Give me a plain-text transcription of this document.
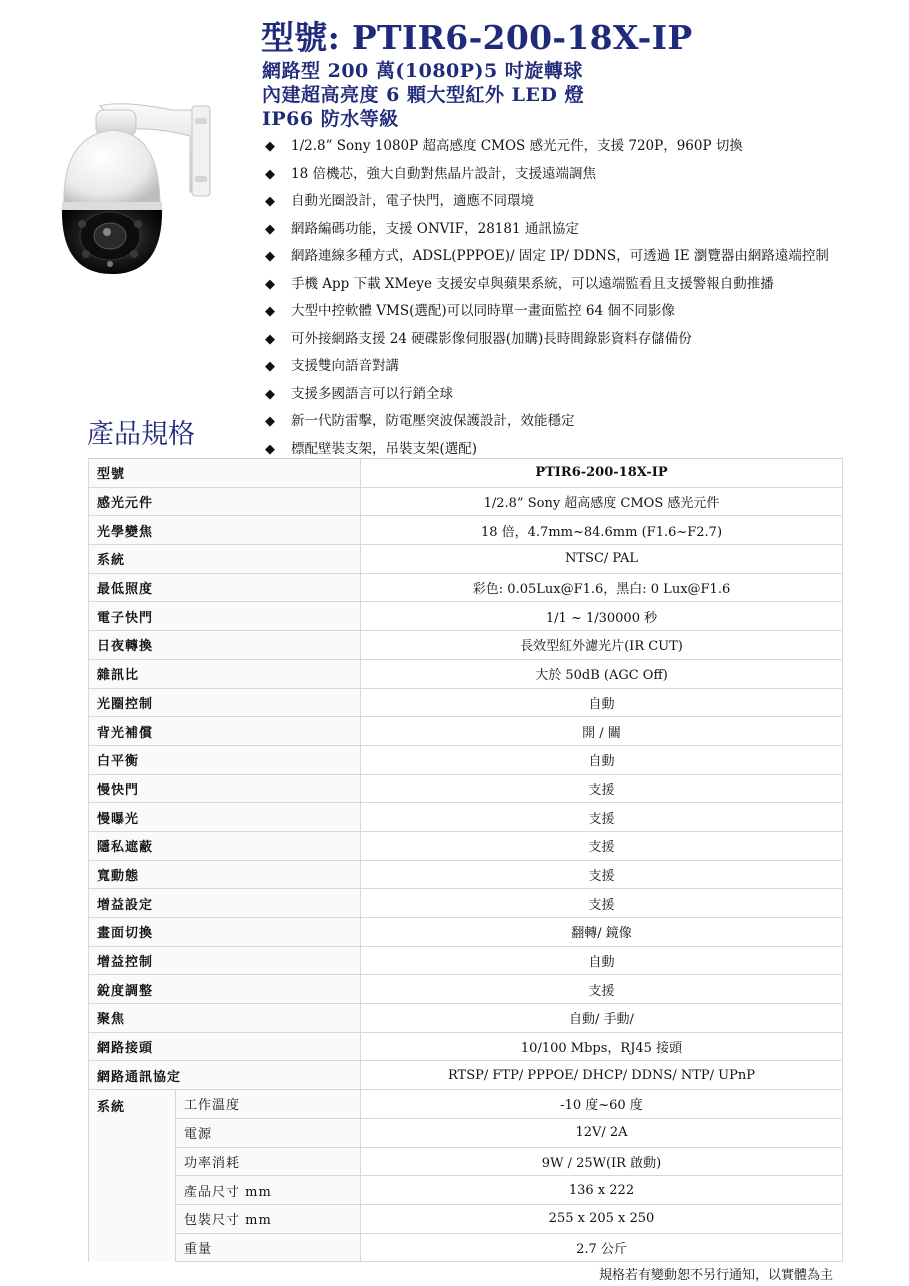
型號: PTIR6-200-18X-IP
網路型 200 萬(1080P)5 吋旋轉球
內建超高亮度 6 顆大型紅外 LED 燈
IP66 防水等級
◆ 1/2.8” Sony 1080P 超高感度 CMOS 感光元件，支援 720P，960P 切換
◆ 18 倍機芯，強大自動對焦晶片設計，支援遠端調焦
◆ 自動光圈設計，電子快門，適應不同環境
◆ 網路編碼功能，支援 ONVIF，28181 通訊協定
◆ 網路連線多種方式，ADSL(PPPOE)/ 固定 IP/ DDNS，可透過 IE 瀏覽器由網路遠端控制
◆ 手機 App 下載 XMeye 支援安卓與蘋果系統，可以遠端監看且支援警報自動推播
◆ 大型中控軟體 VMS(選配)可以同時單一畫面監控 64 個不同影像
◆ 可外接網路支援 24 硬碟影像伺服器(加購)長時間錄影資料存儲備份
◆ 支援雙向語音對講
◆ 支援多國語言可以行銷全球
◆ 新一代防雷擊，防電壓突波保護設計，效能穩定
◆ 標配壁裝支架，吊裝支架(選配)
產品規格
型號		PTIR6-200-18X-IP
感光元件		1/2.8” Sony 超高感度 CMOS 感光元件
光學變焦		18 倍，4.7mm~84.6mm (F1.6~F2.7)
系統		NTSC/ PAL
最低照度		彩色: 0.05Lux@F1.6，黑白: 0 Lux@F1.6
電子快門		1/1 ~ 1/30000 秒
日夜轉換		長效型紅外濾光片(IR CUT)
雜訊比		大於 50dB (AGC Off)
光圈控制		自動
背光補償		開 / 關
白平衡		自動
慢快門		支援
慢曝光		支援
隱私遮蔽		支援
寬動態		支援
增益設定		支援
畫面切換		翻轉/ 鏡像
增益控制		自動
銳度調整		支援
聚焦		自動/ 手動/
網路接頭		10/100 Mbps，RJ45 接頭
網路通訊協定		RTSP/ FTP/ PPPOE/ DHCP/ DDNS/ NTP/ UPnP
系統	工作溫度	-10 度~60 度
	電源	12V/ 2A
	功率消耗	9W / 25W(IR 啟動)
	產品尺寸 mm	136 x 222
	包裝尺寸 mm	255 x 205 x 250
	重量	2.7 公斤
規格若有變動恕不另行通知，以實體為主
